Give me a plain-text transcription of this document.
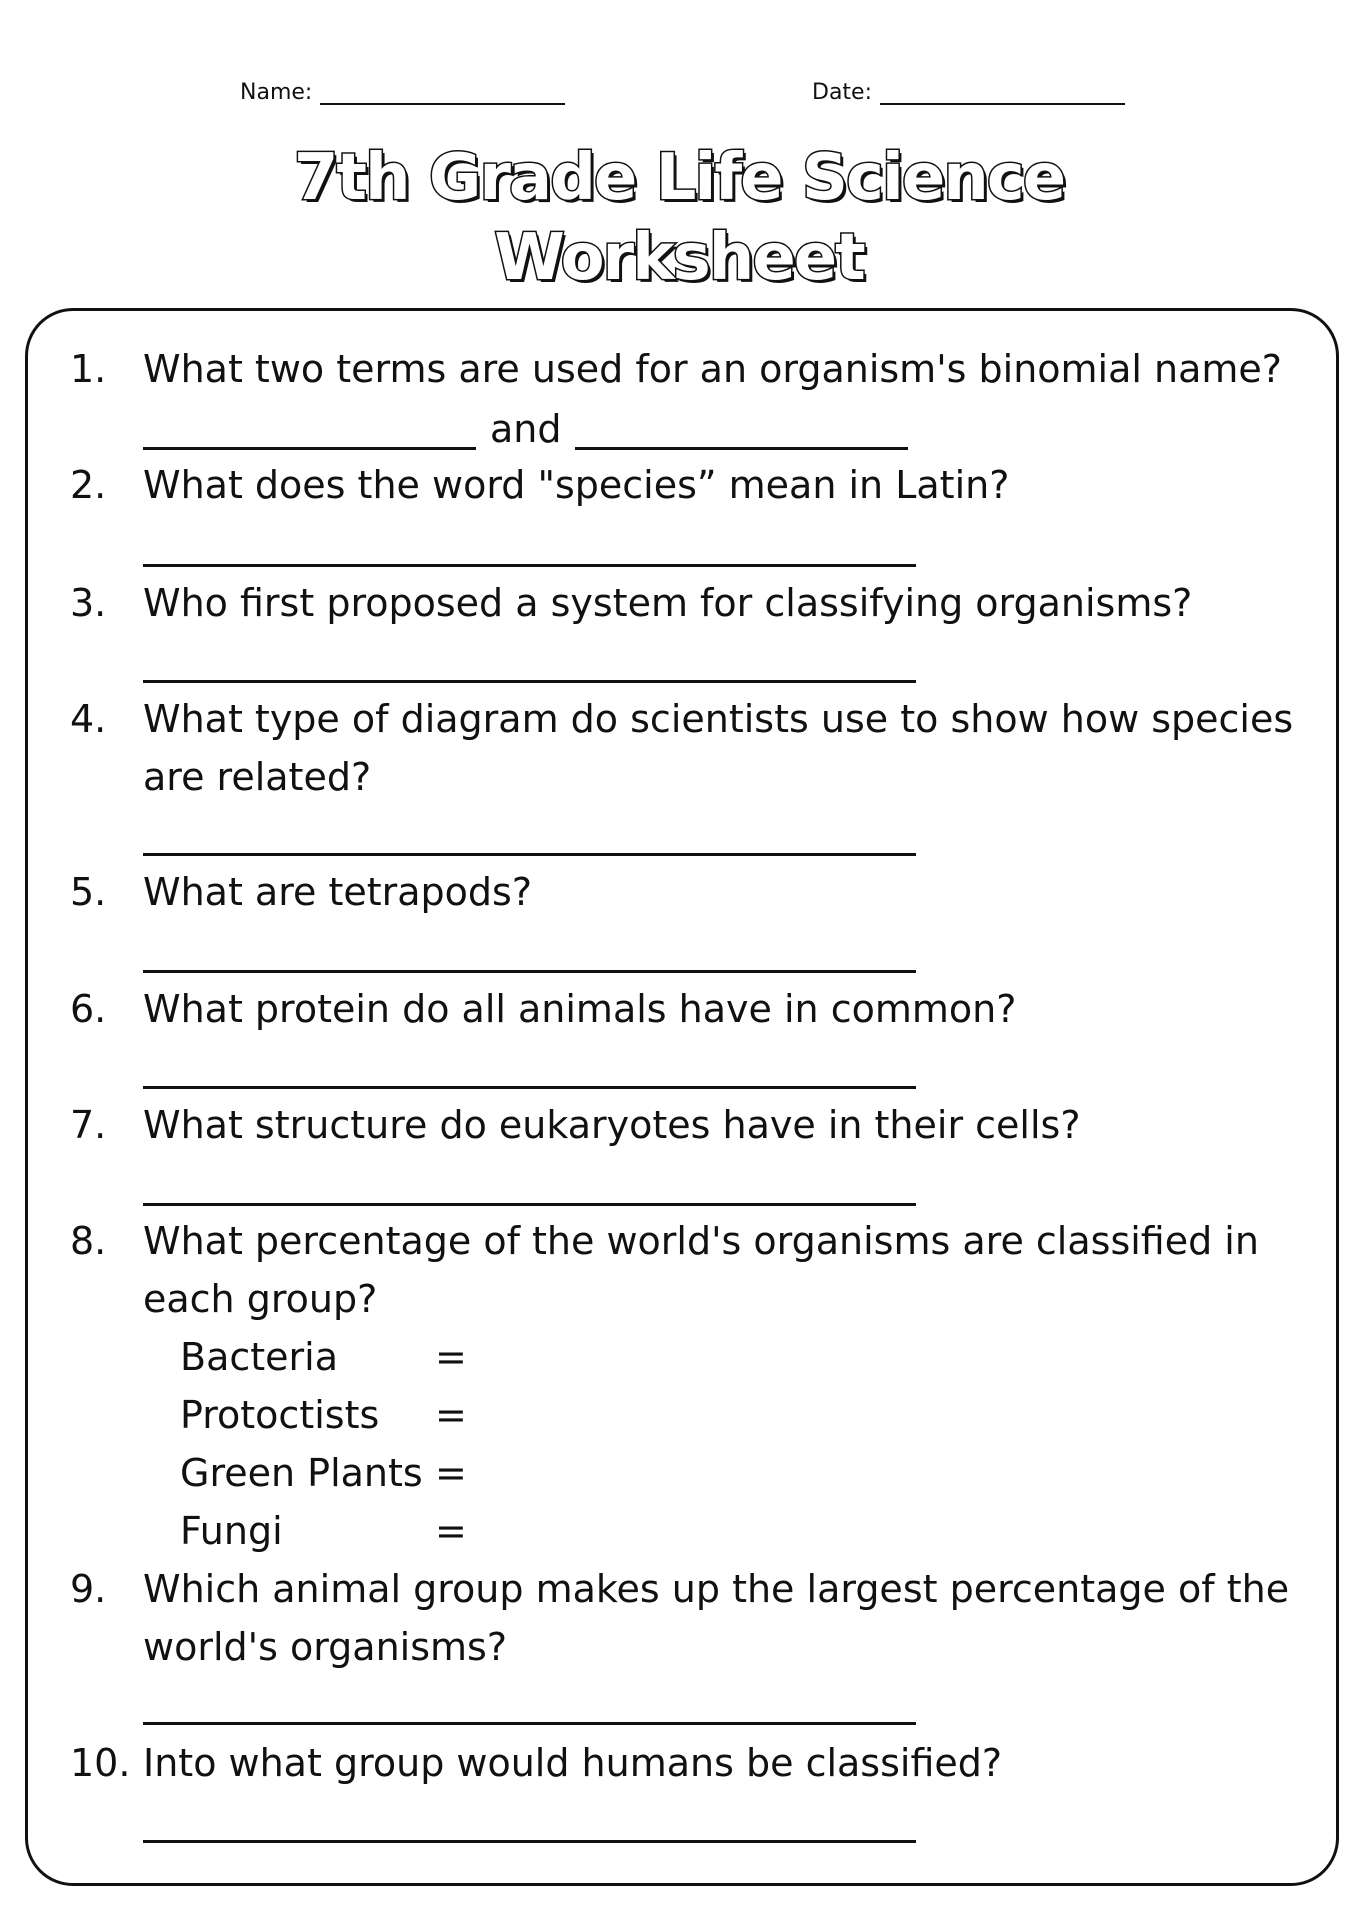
Name:	Date:
7th Grade Life Science
Worksheet
1. What two terms are used for an organism's binomial name?
and
2. What does the word "species” mean in Latin?
3. Who first proposed a system for classifying organisms?
4. What type of diagram do scientists use to show how species are related?
5. What are tetrapods?
6. What protein do all animals have in common?
7. What structure do eukaryotes have in their cells?
8. What percentage of the world's organisms are classified in each group?
Bacteria	=
Protoctists =
Green Plants =
Fungi	=
9. Which animal group makes up the largest percentage of the world's organisms?
10. Into what group would humans be classified?
